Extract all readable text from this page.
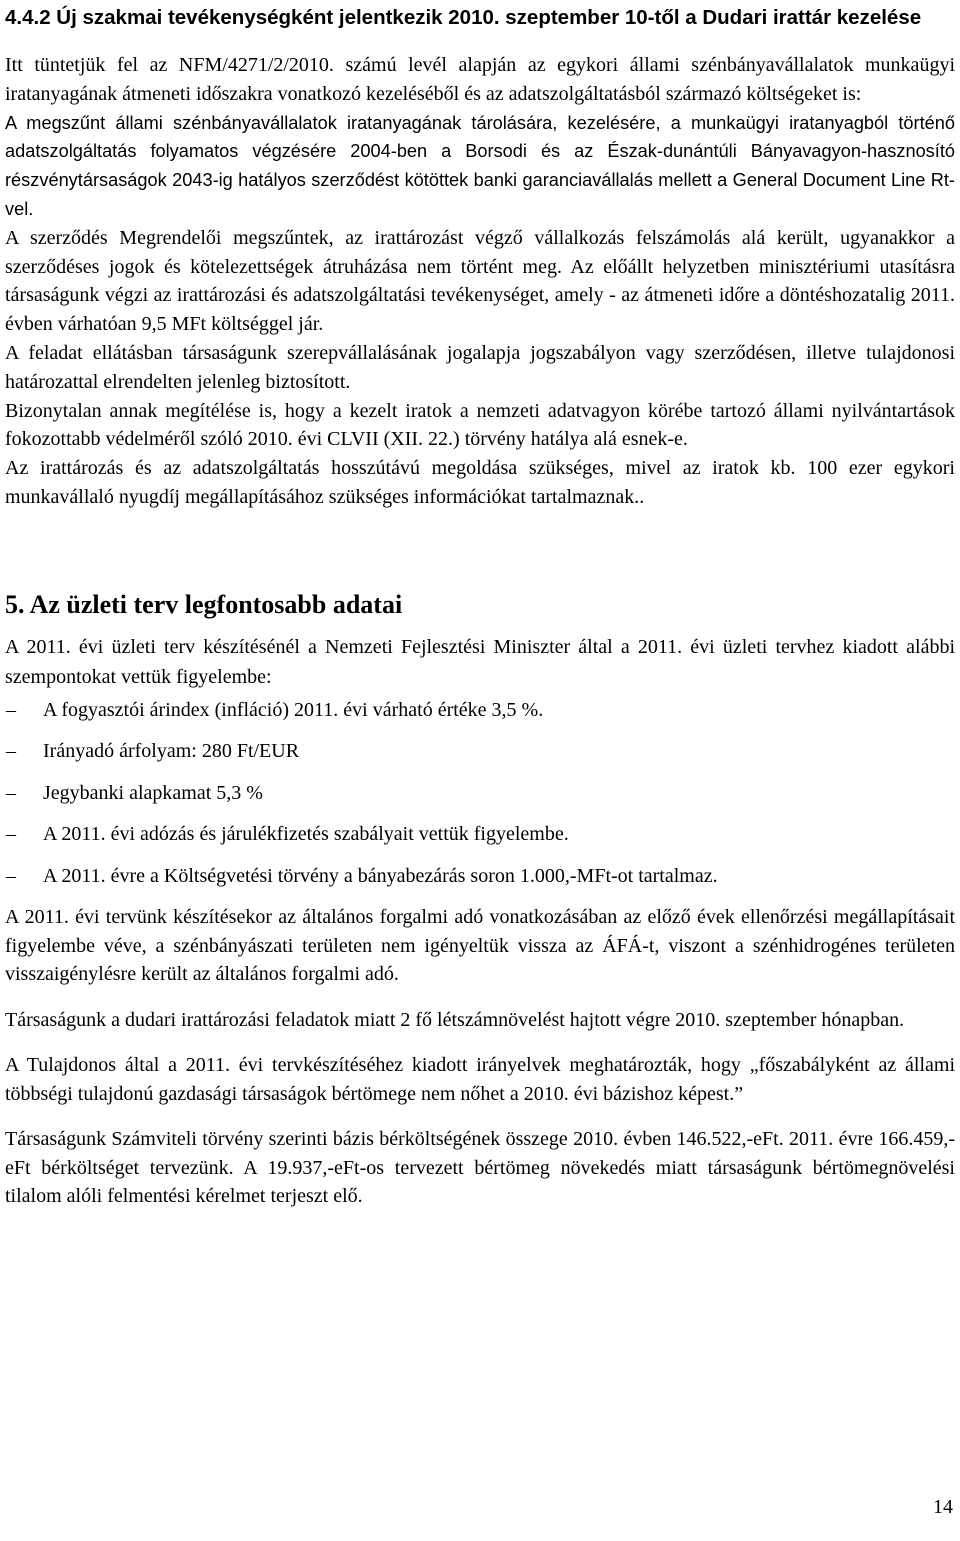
4.4.2 Új szakmai tevékenységként jelentkezik 2010. szeptember 10-től a Dudari irattár kezelése

Itt tüntetjük fel az NFM/4271/2/2010. számú levél alapján az egykori állami szénbányavállalatok munkaügyi iratanyagának átmeneti időszakra vonatkozó kezeléséből és az adatszolgáltatásból származó költségeket is:

A megszűnt állami szénbányavállalatok iratanyagának tárolására, kezelésére, a munkaügyi iratanyagból történő adatszolgáltatás folyamatos végzésére 2004-ben a Borsodi és az Észak-dunántúli Bányavagyon-hasznosító részvénytársaságok 2043-ig hatályos szerződést kötöttek banki garanciavállalás mellett a General Document Line Rt-vel.

A szerződés Megrendelői megszűntek, az irattározást végző vállalkozás felszámolás alá került, ugyanakkor a szerződéses jogok és kötelezettségek átruházása nem történt meg. Az előállt helyzetben minisztériumi utasításra társaságunk végzi az irattározási és adatszolgáltatási tevékenységet, amely - az átmeneti időre a döntéshozatalig 2011. évben várhatóan 9,5 MFt költséggel jár.

A feladat ellátásban társaságunk szerepvállalásának jogalapja jogszabályon vagy szerződésen, illetve tulajdonosi határozattal elrendelten jelenleg biztosított.

Bizonytalan annak megítélése is, hogy a kezelt iratok a nemzeti adatvagyon körébe tartozó állami nyilvántartások fokozottabb védelméről szóló 2010. évi CLVII (XII. 22.) törvény hatálya alá esnek-e.

Az irattározás és az adatszolgáltatás hosszútávú megoldása szükséges, mivel az iratok kb. 100 ezer egykori munkavállaló nyugdíj megállapításához szükséges információkat tartalmaznak..

5. Az üzleti terv legfontosabb adatai

A 2011. évi üzleti terv készítésénél a Nemzeti Fejlesztési Miniszter által a 2011. évi üzleti tervhez kiadott alábbi szempontokat vettük figyelembe:

–	A fogyasztói árindex (infláció) 2011. évi várható értéke 3,5 %.
–	Irányadó árfolyam: 280 Ft/EUR
–	Jegybanki alapkamat 5,3 %
–	A 2011. évi adózás és járulékfizetés szabályait vettük figyelembe.
–	A 2011. évre a Költségvetési törvény a bányabezárás soron 1.000,-MFt-ot tartalmaz.

A 2011. évi tervünk készítésekor az általános forgalmi adó vonatkozásában az előző évek ellenőrzési megállapításait figyelembe véve, a szénbányászati területen nem igényeltük vissza az ÁFÁ-t, viszont a szénhidrogénes területen visszaigénylésre került az általános forgalmi adó.

Társaságunk a dudari irattározási feladatok miatt 2 fő létszámnövelést hajtott végre 2010. szeptember hónapban.

A Tulajdonos által a 2011. évi tervkészítéséhez kiadott irányelvek meghatározták, hogy „főszabályként az állami többségi tulajdonú gazdasági társaságok bértömege nem nőhet a 2010. évi bázishoz képest.”

Társaságunk Számviteli törvény szerinti bázis bérköltségének összege 2010. évben 146.522,-eFt. 2011. évre 166.459,-eFt bérköltséget tervezünk. A 19.937,-eFt-os tervezett bértömeg növekedés miatt társaságunk bértömegnövelési tilalom alóli felmentési kérelmet terjeszt elő.

14
